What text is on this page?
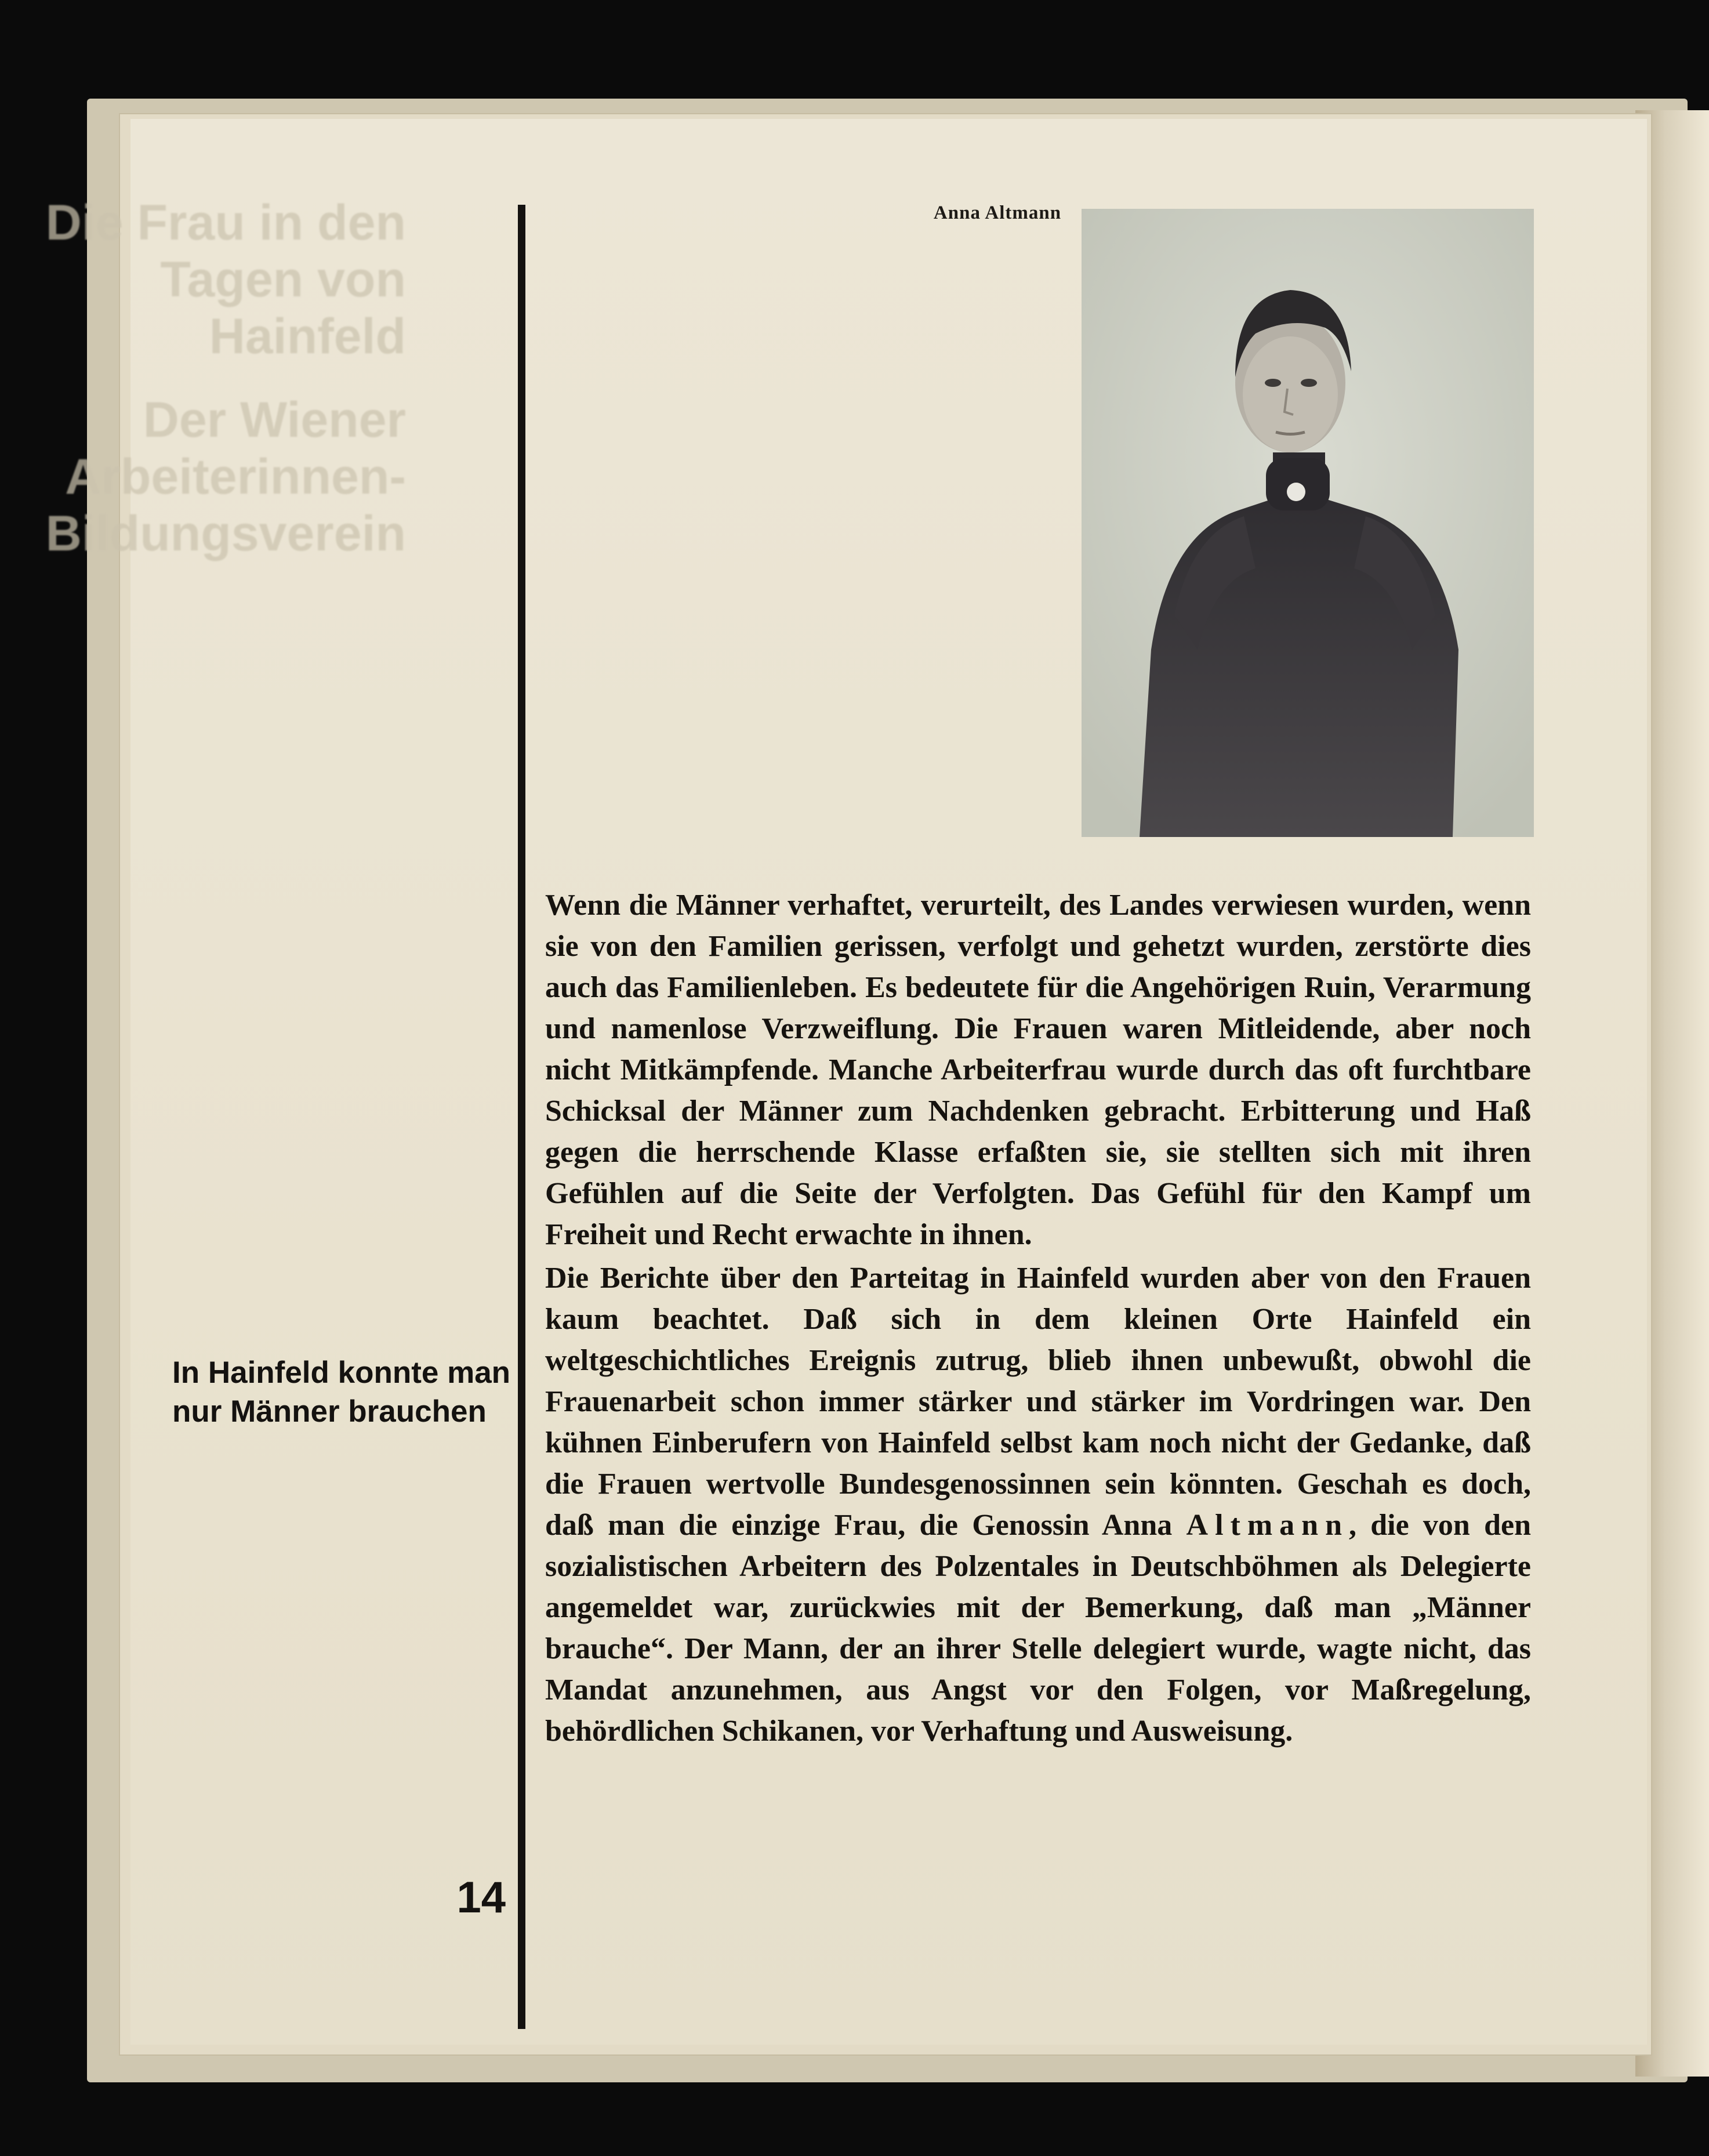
Die Frau in den Tagen von Hainfeld
Der Wiener Arbeiterinnen-Bildungsverein
In Hainfeld konnte man nur Männer brauchen
14
Anna Altmann

Wenn die Männer verhaftet, verurteilt, des Landes verwiesen wurden, wenn sie von den Familien gerissen, verfolgt und gehetzt wurden, zerstörte dies auch das Familienleben. Es bedeutete für die Angehörigen Ruin, Verarmung und namenlose Verzweiflung. Die Frauen waren Mitleidende, aber noch nicht Mitkämpfende. Manche Arbeiterfrau wurde durch das oft furchtbare Schicksal der Männer zum Nachdenken gebracht. Erbitterung und Haß gegen die herrschende Klasse erfaßten sie, sie stellten sich mit ihren Gefühlen auf die Seite der Verfolgten. Das Gefühl für den Kampf um Freiheit und Recht erwachte in ihnen.

Die Berichte über den Parteitag in Hainfeld wurden aber von den Frauen kaum beachtet. Daß sich in dem kleinen Orte Hainfeld ein weltgeschichtliches Ereignis zutrug, blieb ihnen unbewußt, obwohl die Frauenarbeit schon immer stärker und stärker im Vordringen war. Den kühnen Einberufern von Hainfeld selbst kam noch nicht der Gedanke, daß die Frauen wertvolle Bundesgenossinnen sein könnten. Geschah es doch, daß man die einzige Frau, die Genossin Anna Altmann, die von den sozialistischen Arbeitern des Polzentales in Deutschböhmen als Delegierte angemeldet war, zurückwies mit der Bemerkung, daß man „Männer brauche“. Der Mann, der an ihrer Stelle delegiert wurde, wagte nicht, das Mandat anzunehmen, aus Angst vor den Folgen, vor Maßregelung, behördlichen Schikanen, vor Verhaftung und Ausweisung.
